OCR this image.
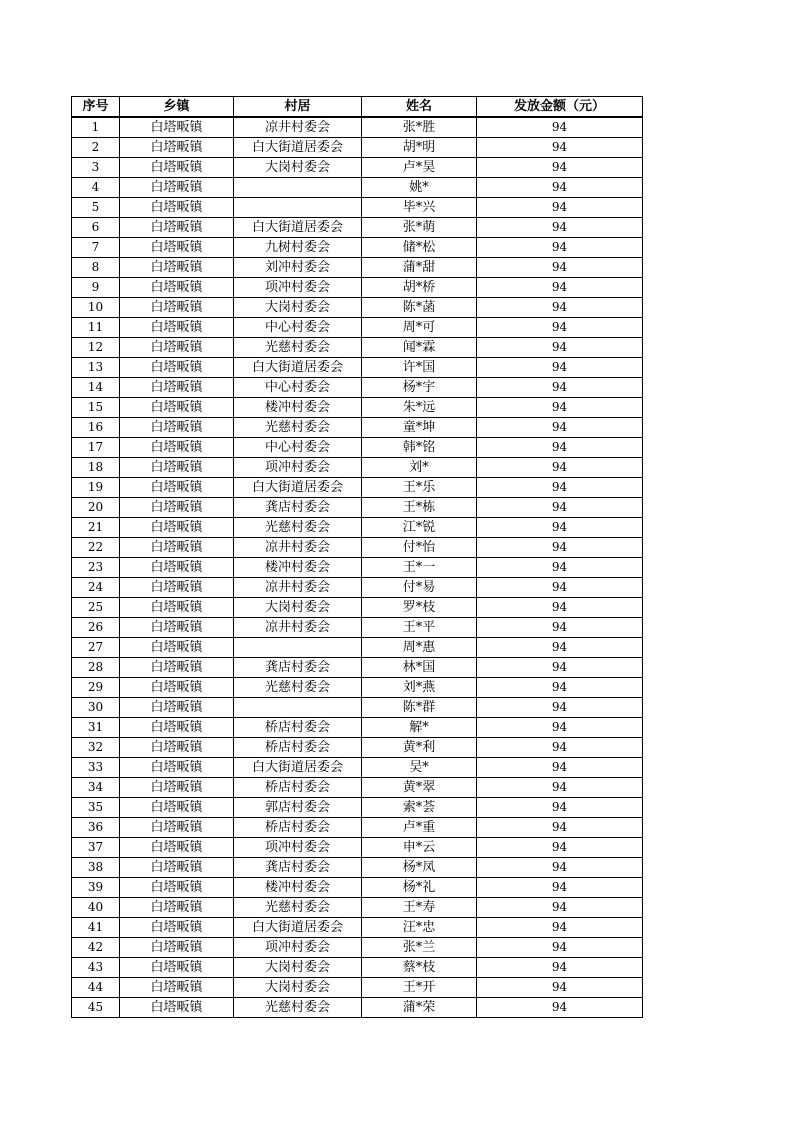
序号	乡镇	村居	姓名	发放金额（元）
1	白塔畈镇	凉井村委会	张*胜	94
2	白塔畈镇	白大街道居委会	胡*明	94
3	白塔畈镇	大岗村委会	卢*昊	94
4	白塔畈镇		姚*	94
5	白塔畈镇		毕*兴	94
6	白塔畈镇	白大街道居委会	张*萌	94
7	白塔畈镇	九树村委会	储*松	94
8	白塔畈镇	刘冲村委会	蒲*甜	94
9	白塔畈镇	项冲村委会	胡*桥	94
10	白塔畈镇	大岗村委会	陈*菡	94
11	白塔畈镇	中心村委会	周*可	94
12	白塔畈镇	光慈村委会	闻*霖	94
13	白塔畈镇	白大街道居委会	许*国	94
14	白塔畈镇	中心村委会	杨*宇	94
15	白塔畈镇	楼冲村委会	朱*远	94
16	白塔畈镇	光慈村委会	童*坤	94
17	白塔畈镇	中心村委会	韩*铭	94
18	白塔畈镇	项冲村委会	刘*	94
19	白塔畈镇	白大街道居委会	王*乐	94
20	白塔畈镇	龚店村委会	王*栋	94
21	白塔畈镇	光慈村委会	江*锐	94
22	白塔畈镇	凉井村委会	付*怡	94
23	白塔畈镇	楼冲村委会	王*一	94
24	白塔畈镇	凉井村委会	付*易	94
25	白塔畈镇	大岗村委会	罗*枝	94
26	白塔畈镇	凉井村委会	王*平	94
27	白塔畈镇		周*惠	94
28	白塔畈镇	龚店村委会	林*国	94
29	白塔畈镇	光慈村委会	刘*燕	94
30	白塔畈镇		陈*群	94
31	白塔畈镇	桥店村委会	解*	94
32	白塔畈镇	桥店村委会	黄*利	94
33	白塔畈镇	白大街道居委会	吴*	94
34	白塔畈镇	桥店村委会	黄*翠	94
35	白塔畈镇	郭店村委会	索*荟	94
36	白塔畈镇	桥店村委会	卢*重	94
37	白塔畈镇	项冲村委会	申*云	94
38	白塔畈镇	龚店村委会	杨*凤	94
39	白塔畈镇	楼冲村委会	杨*礼	94
40	白塔畈镇	光慈村委会	王*寿	94
41	白塔畈镇	白大街道居委会	汪*忠	94
42	白塔畈镇	项冲村委会	张*兰	94
43	白塔畈镇	大岗村委会	蔡*枝	94
44	白塔畈镇	大岗村委会	王*开	94
45	白塔畈镇	光慈村委会	蒲*荣	94
